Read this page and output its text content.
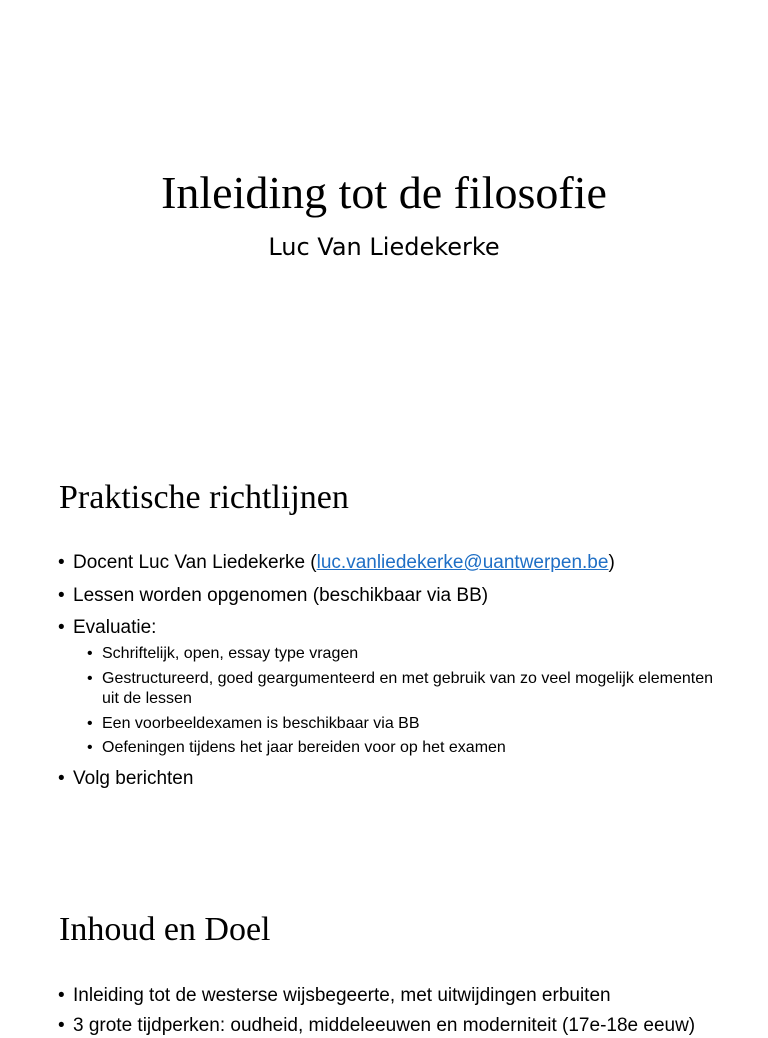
Inleiding tot de filosofie
Luc Van Liedekerke
Praktische richtlijnen
• Docent Luc Van Liedekerke (luc.vanliedekerke@uantwerpen.be)
• Lessen worden opgenomen (beschikbaar via BB)
• Evaluatie:
• Schriftelijk, open, essay type vragen
• Gestructureerd, goed geargumenteerd en met gebruik van zo veel mogelijk elementen uit de lessen
• Een voorbeeldexamen is beschikbaar via BB
• Oefeningen tijdens het jaar bereiden voor op het examen
• Volg berichten
Inhoud en Doel
• Inleiding tot de westerse wijsbegeerte, met uitwijdingen erbuiten
• 3 grote tijdperken: oudheid, middeleeuwen en moderniteit (17e-18e eeuw)
